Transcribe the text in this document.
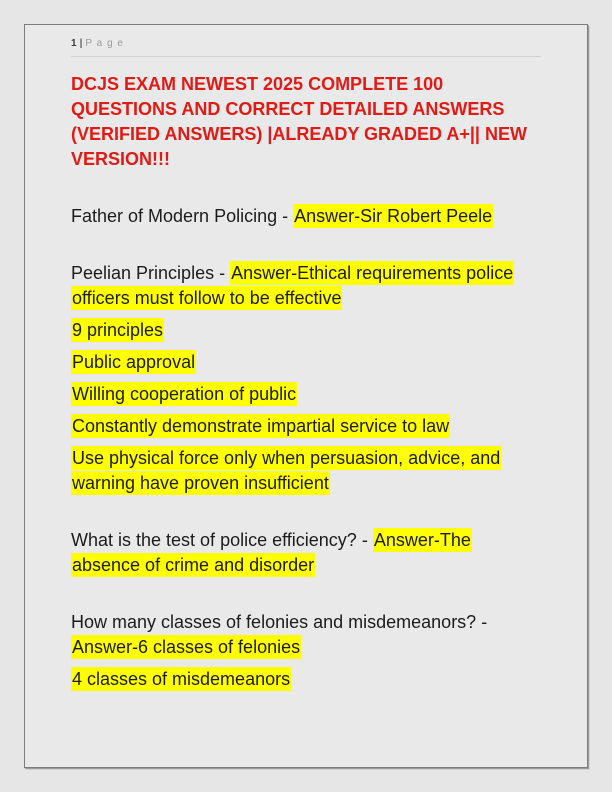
1 | P a g e
DCJS EXAM NEWEST 2025 COMPLETE 100 QUESTIONS AND CORRECT DETAILED ANSWERS (VERIFIED ANSWERS) |ALREADY GRADED A+|| NEW VERSION!!!

Father of Modern Policing - Answer-Sir Robert Peele

Peelian Principles - Answer-Ethical requirements police officers must follow to be effective

9 principles

Public approval

Willing cooperation of public

Constantly demonstrate impartial service to law

Use physical force only when persuasion, advice, and warning have proven insufficient

What is the test of police efficiency? - Answer-The absence of crime and disorder

How many classes of felonies and misdemeanors? - Answer-6 classes of felonies

4 classes of misdemeanors
